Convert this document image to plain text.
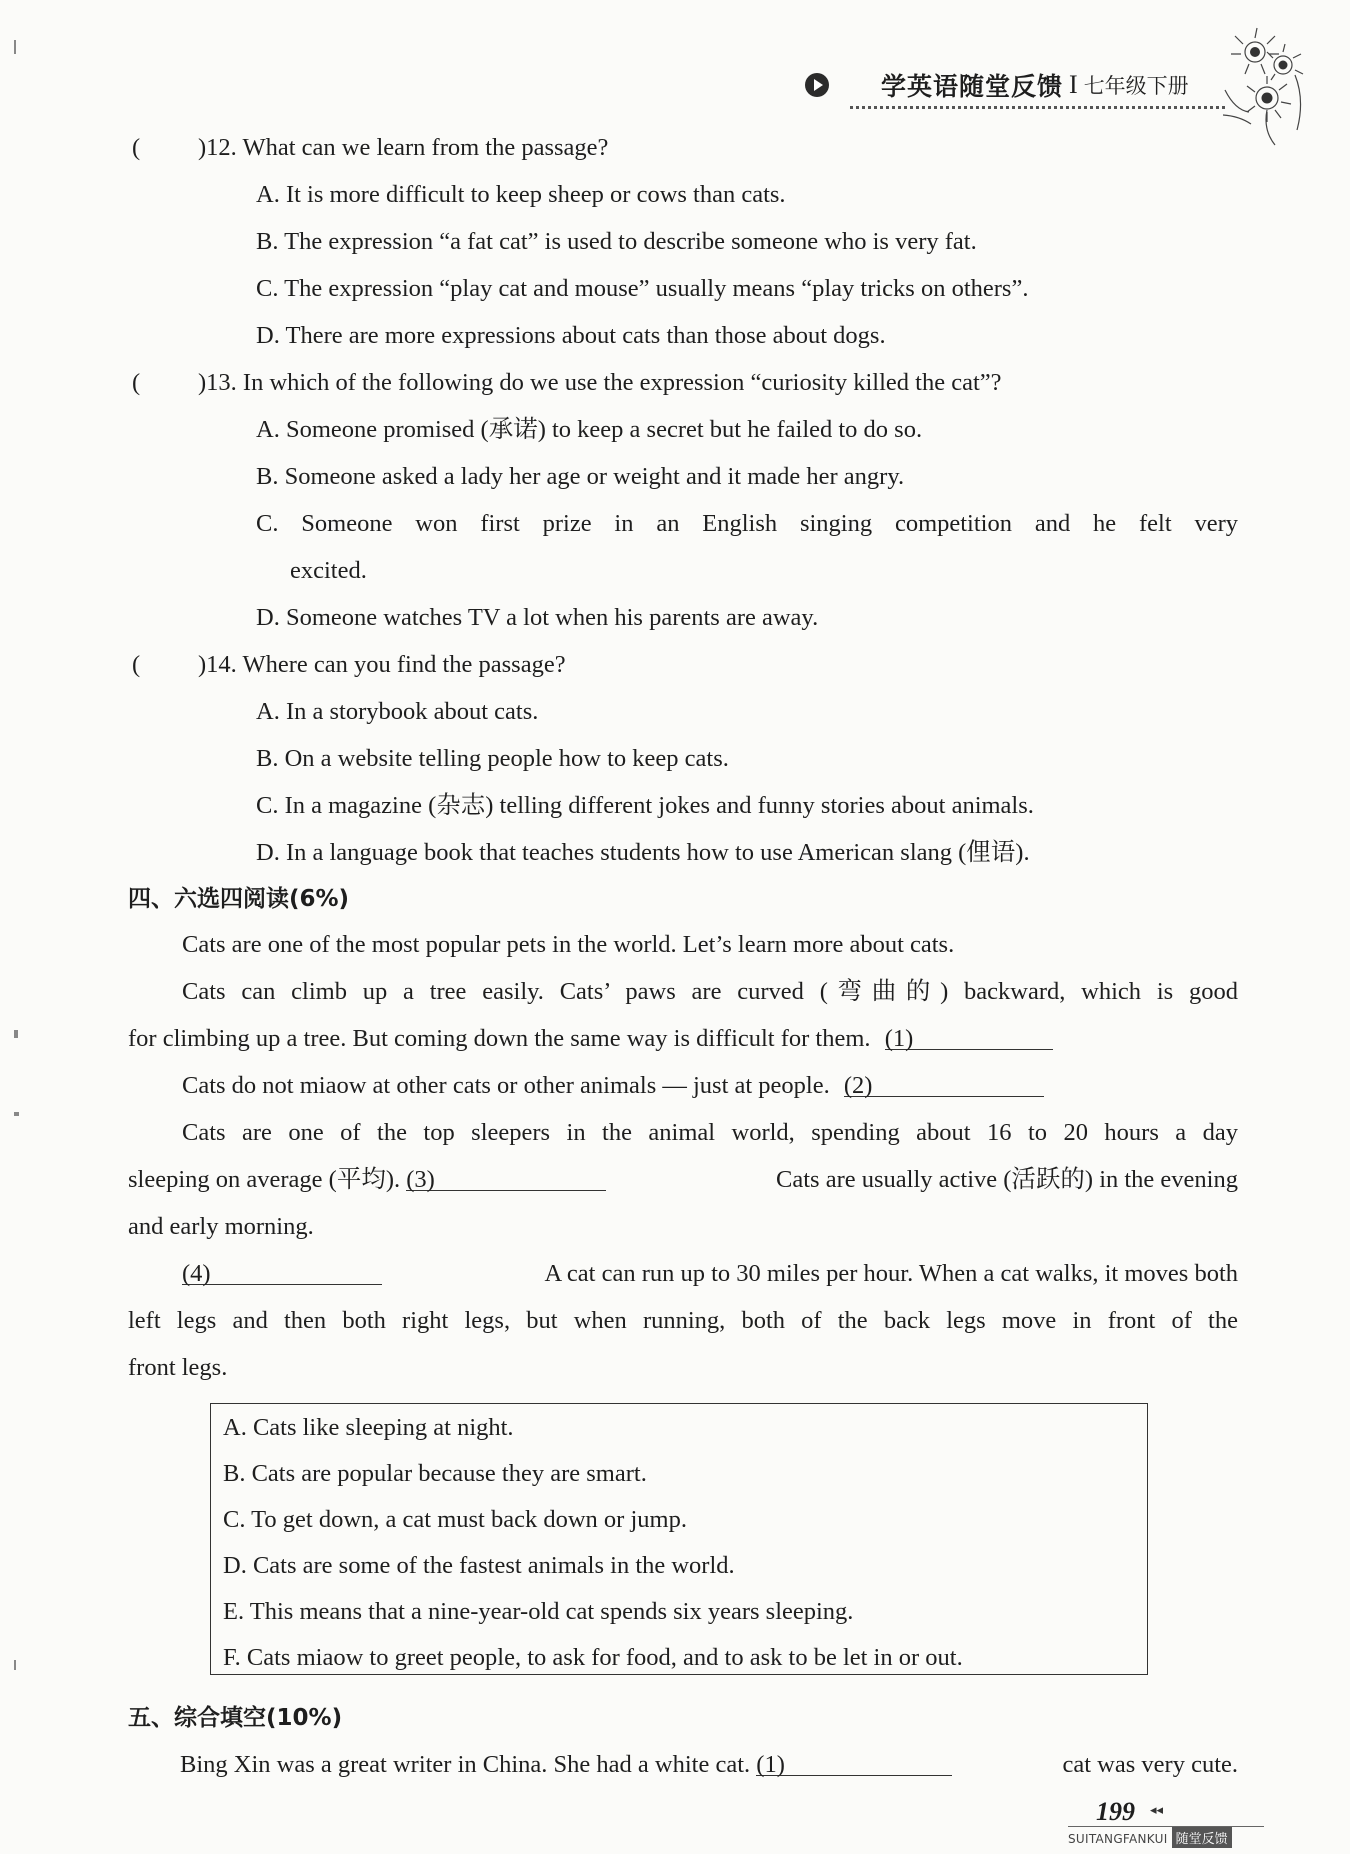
学英语随堂反馈 I 七年级下册
( )12. What can we learn from the passage?
A. It is more difficult to keep sheep or cows than cats.
B. The expression “a fat cat” is used to describe someone who is very fat.
C. The expression “play cat and mouse” usually means “play tricks on others”.
D. There are more expressions about cats than those about dogs.
( )13. In which of the following do we use the expression “curiosity killed the cat”?
A. Someone promised (承诺) to keep a secret but he failed to do so.
B. Someone asked a lady her age or weight and it made her angry.
C. Someone won first prize in an English singing competition and he felt very
excited.
D. Someone watches TV a lot when his parents are away.
( )14. Where can you find the passage?
A. In a storybook about cats.
B. On a website telling people how to keep cats.
C. In a magazine (杂志) telling different jokes and funny stories about animals.
D. In a language book that teaches students how to use American slang (俚语).
四、六选四阅读(6%)
Cats are one of the most popular pets in the world. Let’s learn more about cats.
Cats can climb up a tree easily. Cats’ paws are curved (弯曲的) backward, which is good
for climbing up a tree. But coming down the same way is difficult for them. (1)
Cats do not miaow at other cats or other animals — just at people. (2)
Cats are one of the top sleepers in the animal world, spending about 16 to 20 hours a day
sleeping on average (平均). (3)	Cats are usually active (活跃的) in the evening
and early morning.
(4)	A cat can run up to 30 miles per hour. When a cat walks, it moves both
left legs and then both right legs, but when running, both of the back legs move in front of the
front legs.
A. Cats like sleeping at night.
B. Cats are popular because they are smart.
C. To get down, a cat must back down or jump.
D. Cats are some of the fastest animals in the world.
E. This means that a nine-year-old cat spends six years sleeping.
F. Cats miaow to greet people, to ask for food, and to ask to be let in or out.
五、综合填空(10%)
Bing Xin was a great writer in China. She had a white cat. (1)	cat was very cute.
199 ◂◂
SUITANGFANKUI 随堂反馈
